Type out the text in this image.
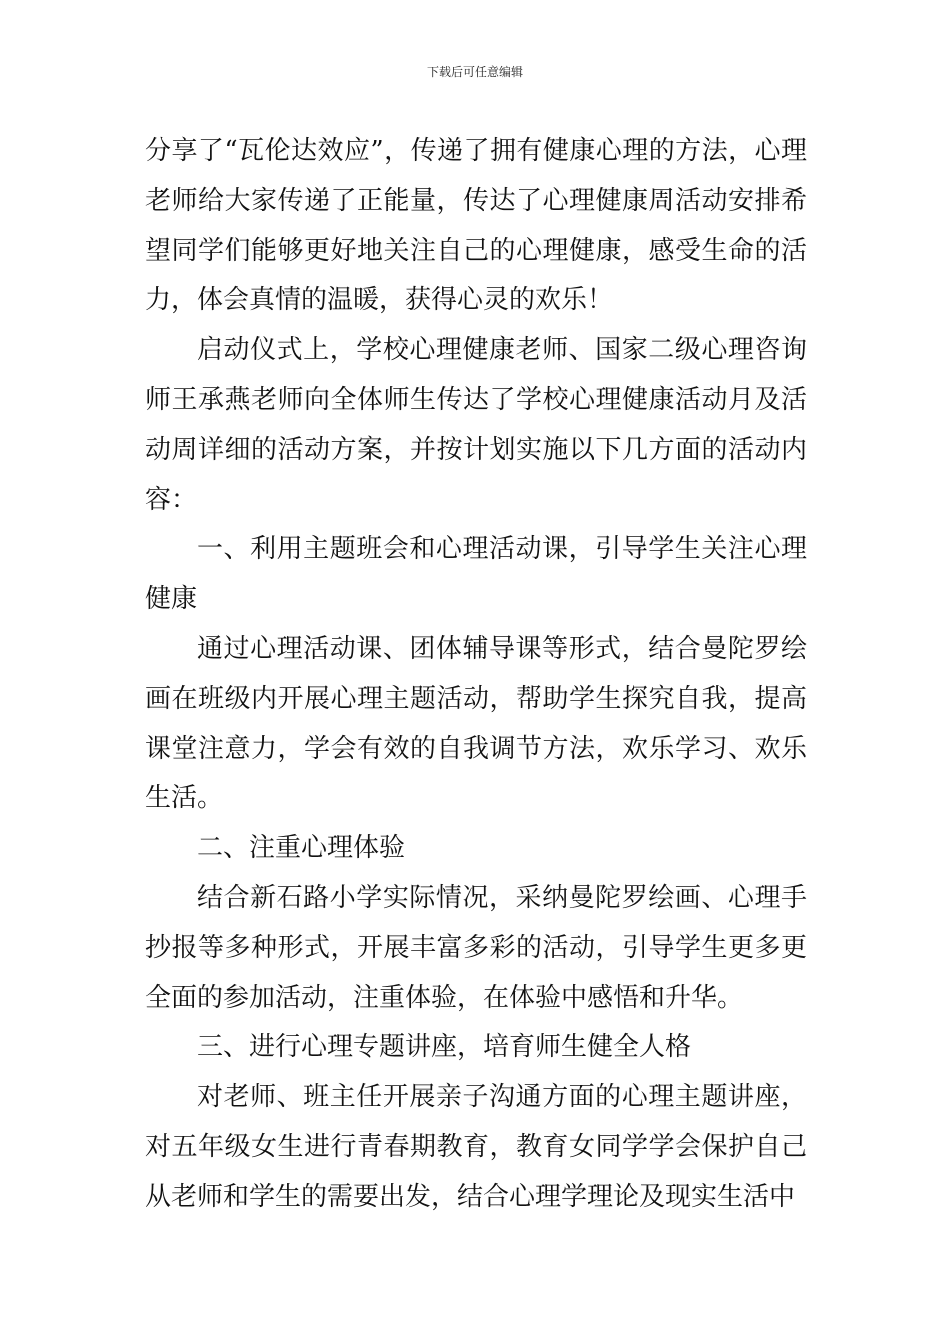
下载后可任意编辑

分享了“瓦伦达效应”，传递了拥有健康心理的方法，心理老师给大家传递了正能量，传达了心理健康周活动安排希望同学们能够更好地关注自己的心理健康，感受生命的活力，体会真情的温暖，获得心灵的欢乐！

启动仪式上，学校心理健康老师、国家二级心理咨询师王承燕老师向全体师生传达了学校心理健康活动月及活动周详细的活动方案，并按计划实施以下几方面的活动内容：

一、利用主题班会和心理活动课，引导学生关注心理健康

通过心理活动课、团体辅导课等形式，结合曼陀罗绘画在班级内开展心理主题活动，帮助学生探究自我，提高课堂注意力，学会有效的自我调节方法，欢乐学习、欢乐生活。

二、注重心理体验

结合新石路小学实际情况，采纳曼陀罗绘画、心理手抄报等多种形式，开展丰富多彩的活动，引导学生更多更全面的参加活动，注重体验，在体验中感悟和升华。

三、进行心理专题讲座，培育师生健全人格

对老师、班主任开展亲子沟通方面的心理主题讲座，对五年级女生进行青春期教育，教育女同学学会保护自己从老师和学生的需要出发，结合心理学理论及现实生活中
